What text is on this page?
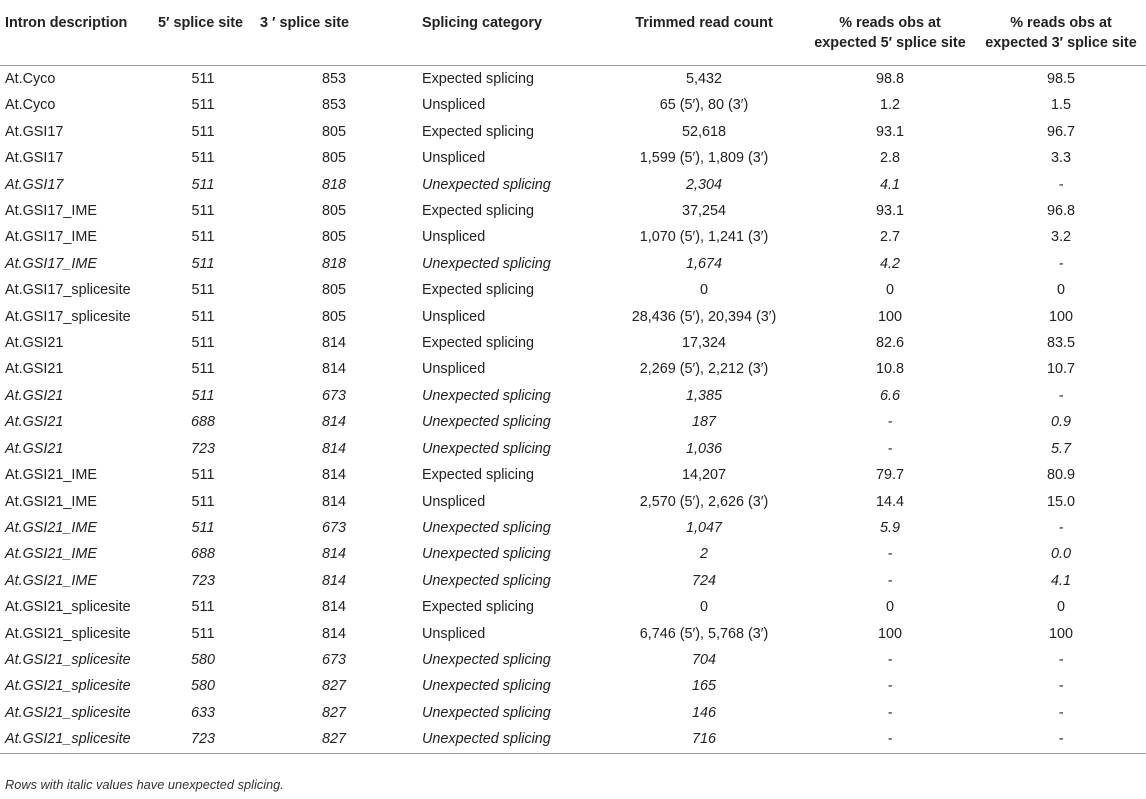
Intron description	5′ splice site	3 ′ splice site	Splicing category	Trimmed read count	% reads obs at expected 5′ splice site	% reads obs at expected 3′ splice site
At.Cyco	511	853	Expected splicing	5,432	98.8	98.5
At.Cyco	511	853	Unspliced	65 (5′), 80 (3′)	1.2	1.5
At.GSI17	511	805	Expected splicing	52,618	93.1	96.7
At.GSI17	511	805	Unspliced	1,599 (5′), 1,809 (3′)	2.8	3.3
At.GSI17	511	818	Unexpected splicing	2,304	4.1	-
At.GSI17_IME	511	805	Expected splicing	37,254	93.1	96.8
At.GSI17_IME	511	805	Unspliced	1,070 (5′), 1,241 (3′)	2.7	3.2
At.GSI17_IME	511	818	Unexpected splicing	1,674	4.2	-
At.GSI17_splicesite	511	805	Expected splicing	0	0	0
At.GSI17_splicesite	511	805	Unspliced	28,436 (5′), 20,394 (3′)	100	100
At.GSI21	511	814	Expected splicing	17,324	82.6	83.5
At.GSI21	511	814	Unspliced	2,269 (5′), 2,212 (3′)	10.8	10.7
At.GSI21	511	673	Unexpected splicing	1,385	6.6	-
At.GSI21	688	814	Unexpected splicing	187	-	0.9
At.GSI21	723	814	Unexpected splicing	1,036	-	5.7
At.GSI21_IME	511	814	Expected splicing	14,207	79.7	80.9
At.GSI21_IME	511	814	Unspliced	2,570 (5′), 2,626 (3′)	14.4	15.0
At.GSI21_IME	511	673	Unexpected splicing	1,047	5.9	-
At.GSI21_IME	688	814	Unexpected splicing	2	-	0.0
At.GSI21_IME	723	814	Unexpected splicing	724	-	4.1
At.GSI21_splicesite	511	814	Expected splicing	0	0	0
At.GSI21_splicesite	511	814	Unspliced	6,746 (5′), 5,768 (3′)	100	100
At.GSI21_splicesite	580	673	Unexpected splicing	704	-	-
At.GSI21_splicesite	580	827	Unexpected splicing	165	-	-
At.GSI21_splicesite	633	827	Unexpected splicing	146	-	-
At.GSI21_splicesite	723	827	Unexpected splicing	716	-	-
Rows with italic values have unexpected splicing.
